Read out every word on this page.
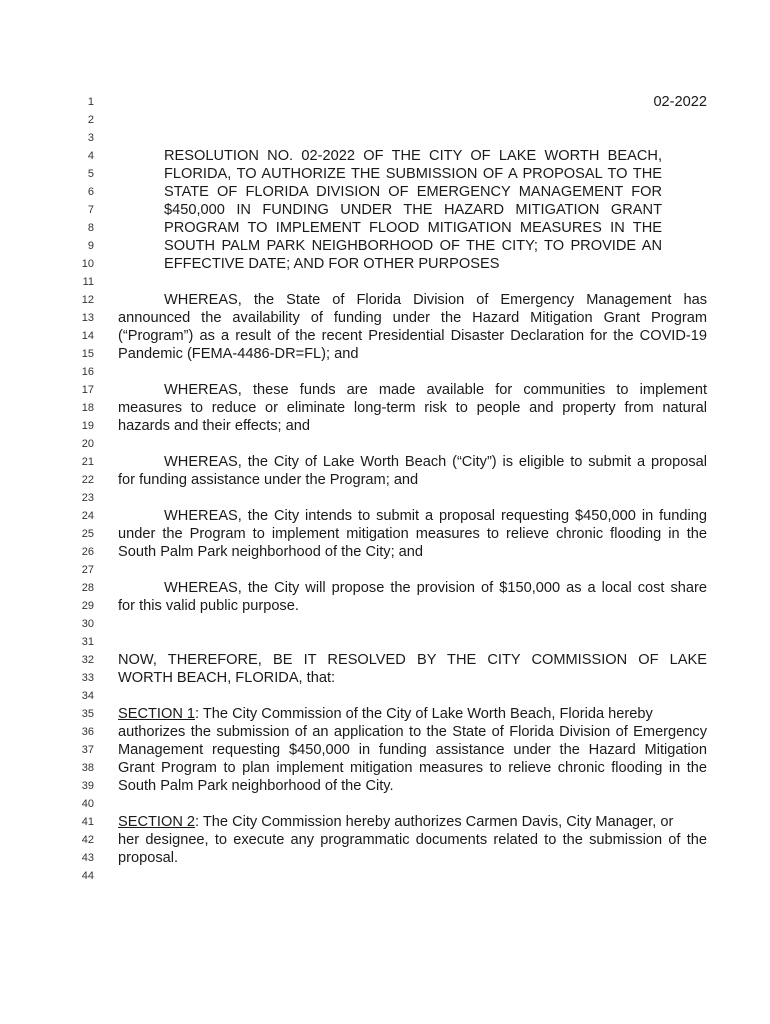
1
2
3
4
5
6
7
8
9
10
11
12
13
14
15
16
17
18
19
20
21
22
23
24
25
26
27
28
29
30
31
32
33
34
35
36
37
38
39
40
41
42
43
44
02-2022
RESOLUTION NO. 02-2022 OF THE CITY OF LAKE WORTH BEACH,
FLORIDA, TO AUTHORIZE THE SUBMISSION OF A PROPOSAL TO THE
STATE OF FLORIDA DIVISION OF EMERGENCY MANAGEMENT FOR
$450,000 IN FUNDING UNDER THE HAZARD MITIGATION GRANT
PROGRAM TO IMPLEMENT FLOOD MITIGATION MEASURES IN THE
SOUTH PALM PARK NEIGHBORHOOD OF THE CITY; TO PROVIDE AN
EFFECTIVE DATE; AND FOR OTHER PURPOSES
WHEREAS, the State of Florida Division of Emergency Management has
announced the availability of funding under the Hazard Mitigation Grant Program
(“Program”) as a result of the recent Presidential Disaster Declaration for the COVID-19
Pandemic (FEMA-4486-DR=FL); and
WHEREAS, these funds are made available for communities to implement
measures to reduce or eliminate long-term risk to people and property from natural
hazards and their effects; and
WHEREAS, the City of Lake Worth Beach (“City”) is eligible to submit a proposal
for funding assistance under the Program; and
WHEREAS, the City intends to submit a proposal requesting $450,000 in funding
under the Program to implement mitigation measures to relieve chronic flooding in the
South Palm Park neighborhood of the City; and
WHEREAS, the City will propose the provision of $150,000 as a local cost share
for this valid public purpose.
NOW, THEREFORE, BE IT RESOLVED BY THE CITY COMMISSION OF LAKE
WORTH BEACH, FLORIDA, that:
SECTION 1: The City Commission of the City of Lake Worth Beach, Florida hereby
authorizes the submission of an application to the State of Florida Division of Emergency
Management requesting $450,000 in funding assistance under the Hazard Mitigation
Grant Program to plan implement mitigation measures to relieve chronic flooding in the
South Palm Park neighborhood of the City.
SECTION 2: The City Commission hereby authorizes Carmen Davis, City Manager, or
her designee, to execute any programmatic documents related to the submission of the
proposal.
